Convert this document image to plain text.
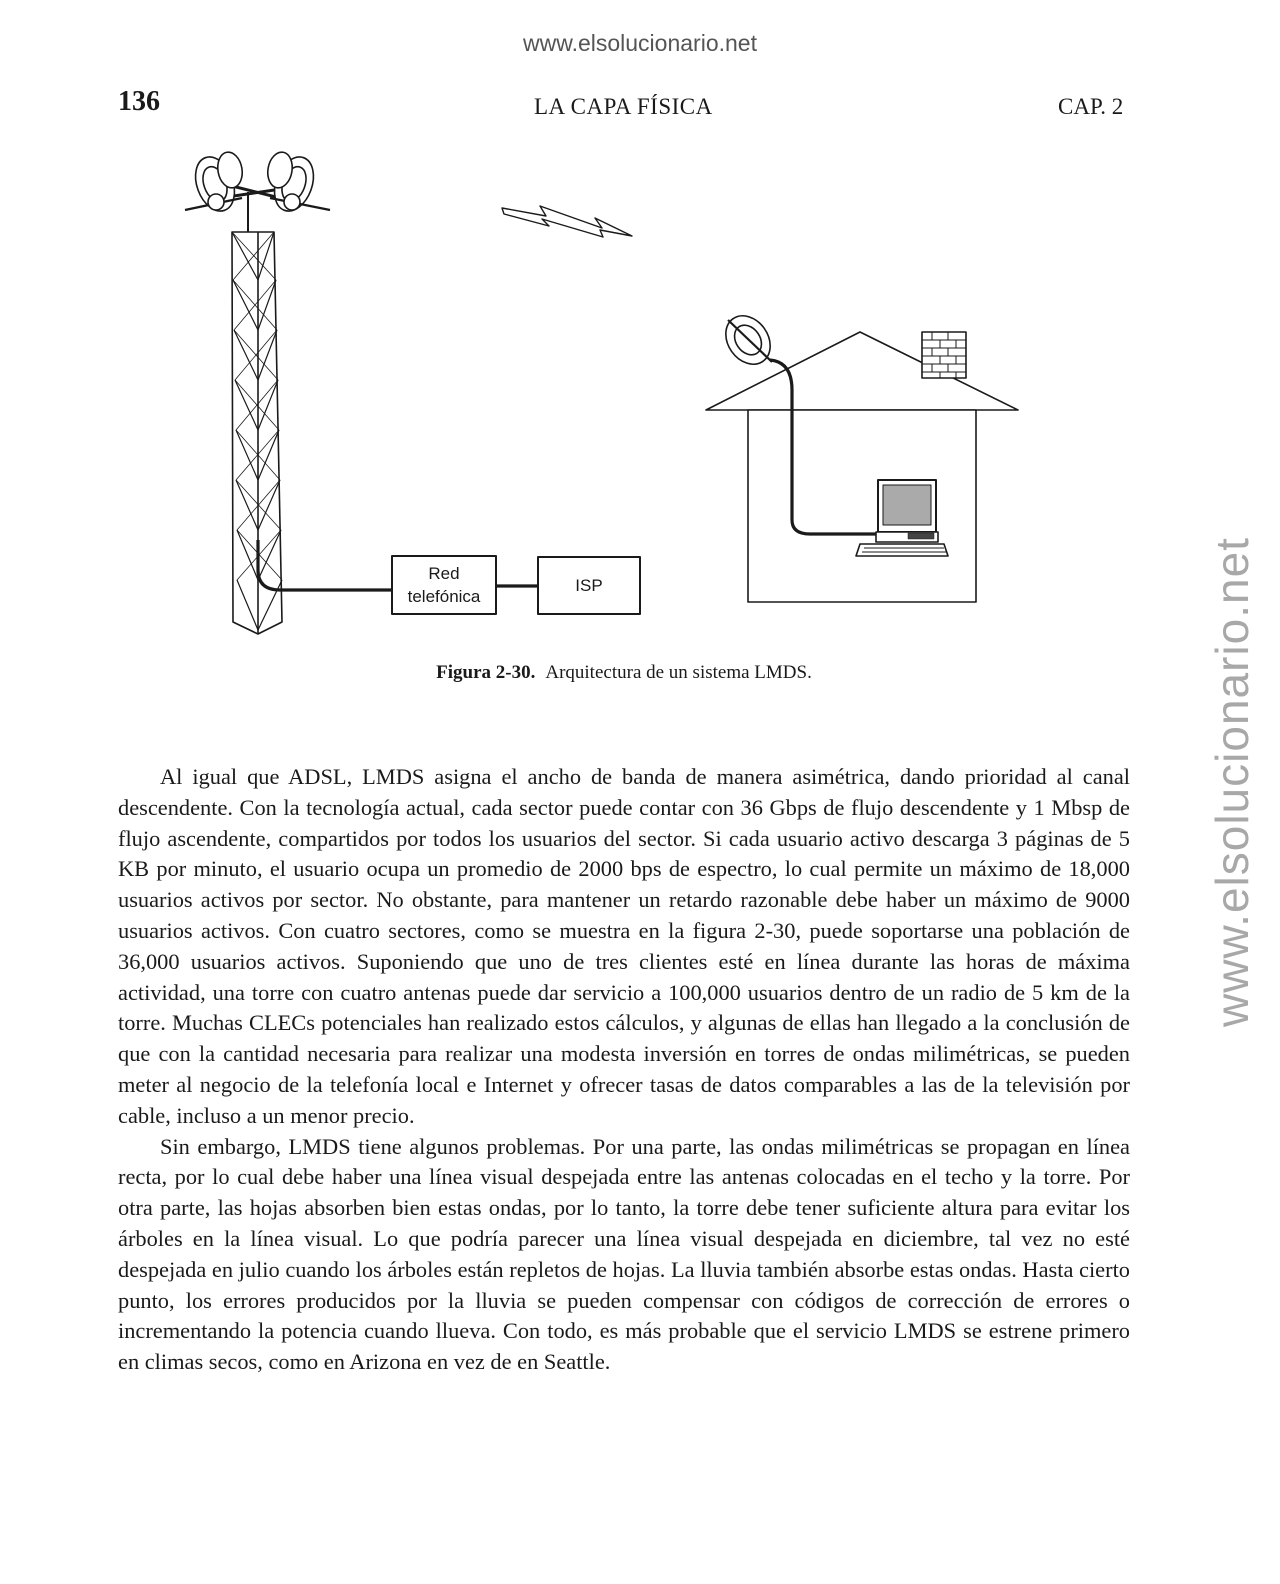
www.elsolucionario.net
www.elsolucionario.net
136	LA CAPA FÍSICA	CAP. 2
Red
telefónica
ISP
Figura 2-30. Arquitectura de un sistema LMDS.

Al igual que ADSL, LMDS asigna el ancho de banda de manera asimétrica, dando prioridad al canal descendente. Con la tecnología actual, cada sector puede contar con 36 Gbps de flujo descendente y 1 Mbsp de flujo ascendente, compartidos por todos los usuarios del sector. Si cada usuario activo descarga 3 páginas de 5 KB por minuto, el usuario ocupa un promedio de 2000 bps de espectro, lo cual permite un máximo de 18,000 usuarios activos por sector. No obstante, para mantener un retardo razonable debe haber un máximo de 9000 usuarios activos. Con cuatro sectores, como se muestra en la figura 2-30, puede soportarse una población de 36,000 usuarios activos. Suponiendo que uno de tres clientes esté en línea durante las horas de máxima actividad, una torre con cuatro antenas puede dar servicio a 100,000 usuarios dentro de un radio de 5 km de la torre. Muchas CLECs potenciales han realizado estos cálculos, y algunas de ellas han llegado a la conclusión de que con la cantidad necesaria para realizar una modesta inversión en torres de ondas milimétricas, se pueden meter al negocio de la telefonía local e Internet y ofrecer tasas de datos comparables a las de la televisión por cable, incluso a un menor precio.

Sin embargo, LMDS tiene algunos problemas. Por una parte, las ondas milimétricas se propagan en línea recta, por lo cual debe haber una línea visual despejada entre las antenas colocadas en el techo y la torre. Por otra parte, las hojas absorben bien estas ondas, por lo tanto, la torre debe tener suficiente altura para evitar los árboles en la línea visual. Lo que podría parecer una línea visual despejada en diciembre, tal vez no esté despejada en julio cuando los árboles están repletos de hojas. La lluvia también absorbe estas ondas. Hasta cierto punto, los errores producidos por la lluvia se pueden compensar con códigos de corrección de errores o incrementando la potencia cuando llueva. Con todo, es más probable que el servicio LMDS se estrene primero en climas secos, como en Arizona en vez de en Seattle.
